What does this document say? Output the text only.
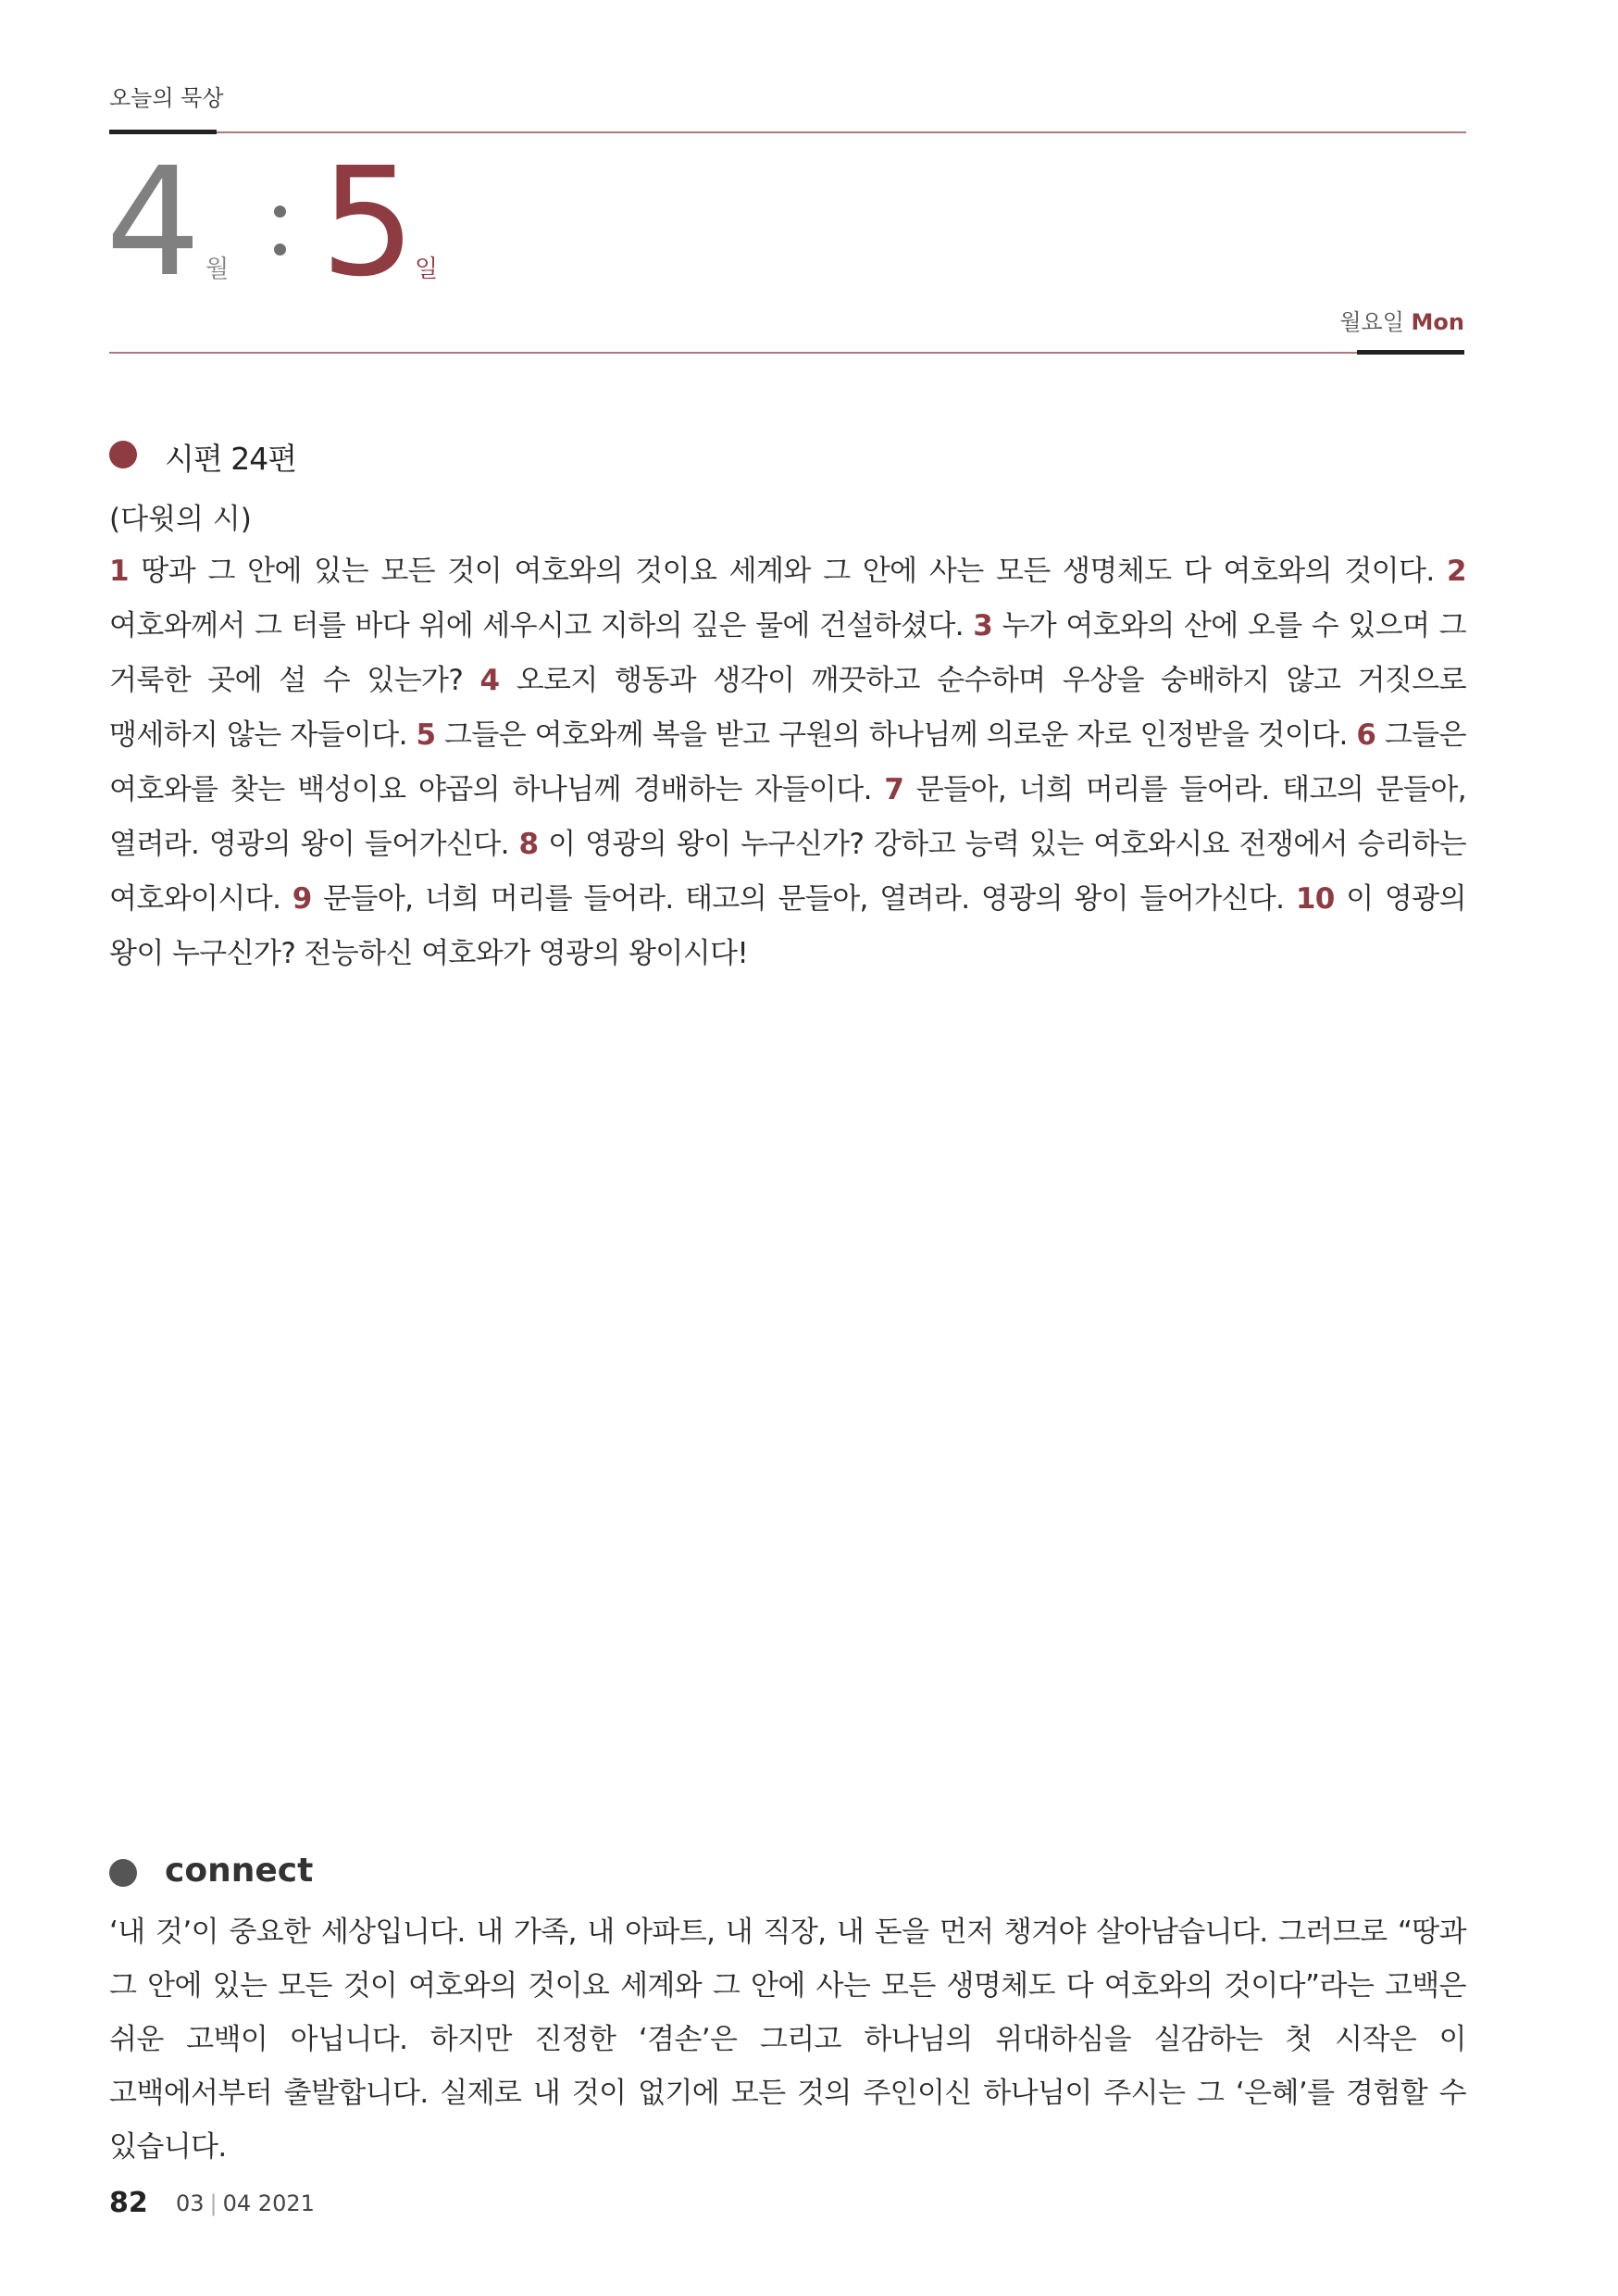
오늘의 묵상
4 월 5 일
월요일 Mon
시편 24편
(다윗의 시)
1 땅과 그 안에 있는 모든 것이 여호와의 것이요 세계와 그 안에 사는 모든 생명체도 다 여호와의 것이다. 2 여호와께서 그 터를 바다 위에 세우시고 지하의 깊은 물에 건설하셨다. 3 누가 여호와의 산에 오를 수 있으며 그 거룩한 곳에 설 수 있는가? 4 오로지 행동과 생각이 깨끗하고 순수하며 우상을 숭배하지 않고 거짓으로 맹세하지 않는 자들이다. 5 그들은 여호와께 복을 받고 구원의 하나님께 의로운 자로 인정받을 것이다. 6 그들은 여호와를 찾는 백성이요 야곱의 하나님께 경배하는 자들이다. 7 문들아, 너희 머리를 들어라. 태고의 문들아, 열려라. 영광의 왕이 들어가신다. 8 이 영광의 왕이 누구신가? 강하고 능력 있는 여호와시요 전쟁에서 승리하는 여호와이시다. 9 문들아, 너희 머리를 들어라. 태고의 문들아, 열려라. 영광의 왕이 들어가신다. 10 이 영광의 왕이 누구신가? 전능하신 여호와가 영광의 왕이시다!
connect
‘내 것’이 중요한 세상입니다. 내 가족, 내 아파트, 내 직장, 내 돈을 먼저 챙겨야 살아남습니다. 그러므로 “땅과 그 안에 있는 모든 것이 여호와의 것이요 세계와 그 안에 사는 모든 생명체도 다 여호와의 것이다”라는 고백은 쉬운 고백이 아닙니다. 하지만 진정한 ‘겸손’은 그리고 하나님의 위대하심을 실감하는 첫 시작은 이 고백에서부터 출발합니다. 실제로 내 것이 없기에 모든 것의 주인이신 하나님이 주시는 그 ‘은혜’를 경험할 수 있습니다.
82 03 | 04 2021
